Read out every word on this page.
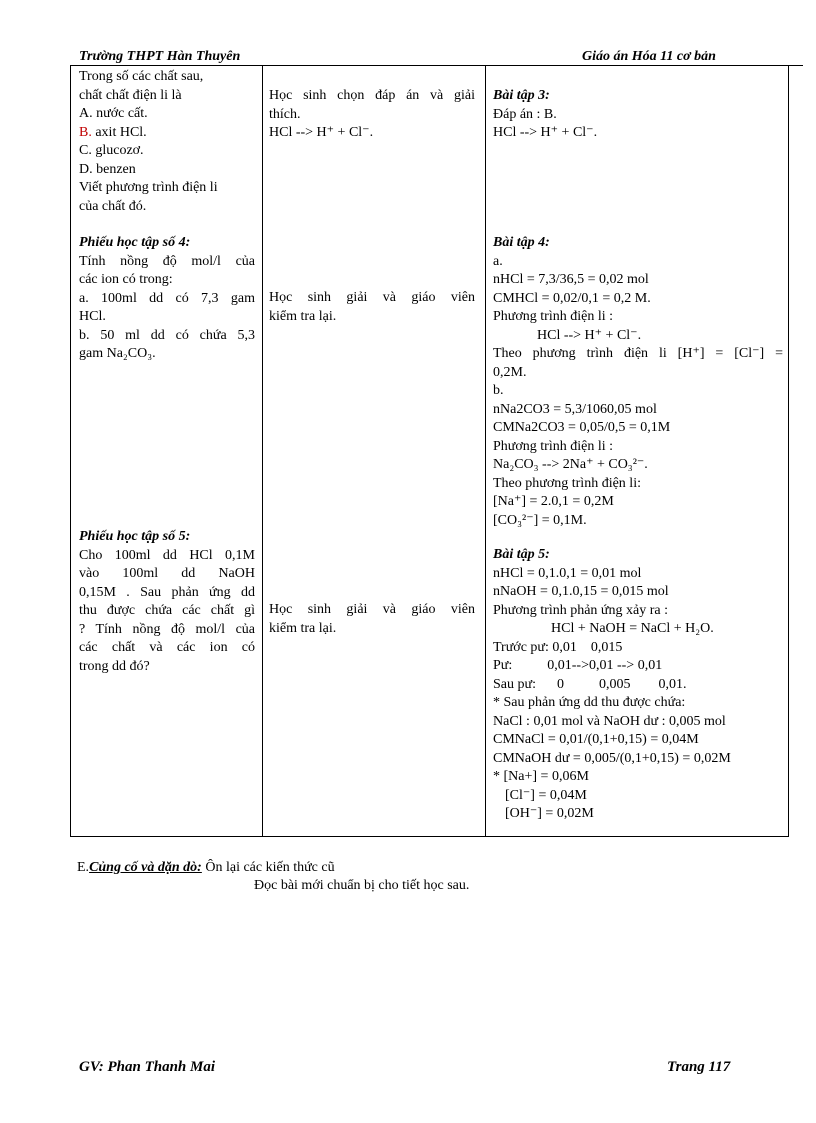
Trường THPT Hàn Thuyên	Giáo án Hóa 11 cơ bản
Trong số các chất sau,
chất chất điện li là
A. nước cất.
B. axit HCl.
C. glucozơ.
D. benzen
Viết phương trình điện li
của chất đó.
Phiếu học tập số 4:
Tính nồng độ mol/l của
các ion có trong:
a. 100ml dd có 7,3 gam
HCl.
b. 50 ml dd có chứa 5,3
gam Na₂CO₃.
Phiếu học tập số 5:
Cho 100ml dd HCl 0,1M
vào 100ml dd NaOH
0,15M . Sau phản ứng dd
thu được chứa các chất gì
? Tính nồng độ mol/l của
các chất và các ion có
trong dd đó?
Học sinh chọn đáp án và giải
thích.
HCl --> H⁺ + Cl⁻.
Học sinh giải và giáo viên
kiểm tra lại.
Học sinh giải và giáo viên
kiểm tra lại.
Bài tập 3:
Đáp án : B.
HCl --> H⁺ + Cl⁻.
Bài tập 4:
a.
nHCl = 7,3/36,5 = 0,02 mol
CMHCl = 0,02/0,1 = 0,2 M.
Phương trình điện li :
HCl --> H⁺ + Cl⁻.
Theo phương trình điện li [H⁺] = [Cl⁻] =
0,2M.
b.
nNa2CO3 = 5,3/1060,05 mol
CMNa2CO3 = 0,05/0,5 = 0,1M
Phương trình điện li :
Na₂CO₃ --> 2Na⁺ + CO₃²⁻.
Theo phương trình điện li:
[Na⁺] = 2.0,1 = 0,2M
[CO₃²⁻] = 0,1M.
Bài tập 5:
nHCl = 0,1.0,1 = 0,01 mol
nNaOH = 0,1.0,15 = 0,015 mol
Phương trình phản ứng xảy ra :
HCl + NaOH = NaCl + H₂O.
Trước pư: 0,01    0,015
Pư:          0,01-->0,01 --> 0,01
Sau pư:      0          0,005        0,01.
* Sau phản ứng dd thu được chứa:
NaCl : 0,01 mol và NaOH dư : 0,005 mol
CMNaCl = 0,01/(0,1+0,15) = 0,04M
CMNaOH dư = 0,005/(0,1+0,15) = 0,02M
* [Na+] = 0,06M
[Cl⁻] = 0,04M
[OH⁻] = 0,02M
E.Củng cố và dặn dò: Ôn lại các kiến thức cũ
Đọc bài mới chuẩn bị cho tiết học sau.
GV: Phan Thanh Mai	Trang 117
